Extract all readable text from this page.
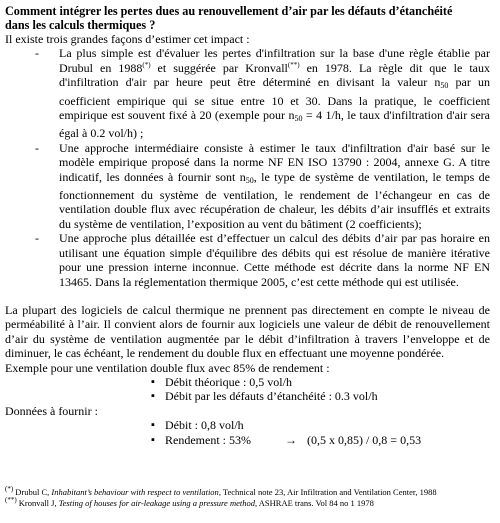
Comment intégrer les pertes dues au renouvellement d’air par les défauts d’étanchéité
dans les calculs thermiques ?

Il existe trois grandes façons d’estimer cet impact :

- La plus simple est d'évaluer les pertes d'infiltration sur la base d'une règle établie par Drubul en 1988(*) et suggérée par Kronvall(**) en 1978. La règle dit que le taux d'infiltration d'air par heure peut être déterminé en divisant la valeur $n_{50}$ par un coefficient empirique qui se situe entre 10 et 30. Dans la pratique, le coefficient empirique est souvent fixé à 20 (exemple pour $n_{50} = 4$ 1/h, le taux d'infiltration d'air sera égal à 0.2 vol/h) ;
- Une approche intermédiaire consiste à estimer le taux d'infiltration d'air basé sur le modèle empirique proposé dans la norme NF EN ISO 13790 : 2004, annexe G. A titre indicatif, les données à fournir sont $n_{50}$, le type de système de ventilation, le temps de fonctionnement du système de ventilation, le rendement de l’échangeur en cas de ventilation double flux avec récupération de chaleur, les débits d’air insufflés et extraits du système de ventilation, l’exposition au vent du bâtiment (2 coefficients);
- Une approche plus détaillée est d’effectuer un calcul des débits d’air par pas horaire en utilisant une équation simple d'équilibre des débits qui est résolue de manière itérative pour une pression interne inconnue. Cette méthode est décrite dans la norme NF EN 13465. Dans la réglementation thermique 2005, c’est cette méthode qui est utilisée.

La plupart des logiciels de calcul thermique ne prennent pas directement en compte le niveau de perméabilité à l’air. Il convient alors de fournir aux logiciels une valeur de débit de renouvellement d’air du système de ventilation augmentée par le débit d’infiltration à travers l’enveloppe et de diminuer, le cas échéant, le rendement du double flux en effectuant une moyenne pondérée.

Exemple pour une ventilation double flux avec 85% de rendement :

▪ Débit théorique : 0,5 vol/h
▪ Débit par les défauts d’étanchéité : 0.3 vol/h

Données à fournir :

▪ Débit : 0,8 vol/h
▪ Rendement : 53%	→ (0,5 x 0,85) / 0,8 = 0,53
(*) Drubul C, Inhabitant’s behaviour with respect to ventilation, Technical note 23, Air Infiltration and Ventilation Center, 1988
(**) Kronvall J, Testing of houses for air-leakage using a pressure method, ASHRAE trans. Vol 84 no 1 1978
